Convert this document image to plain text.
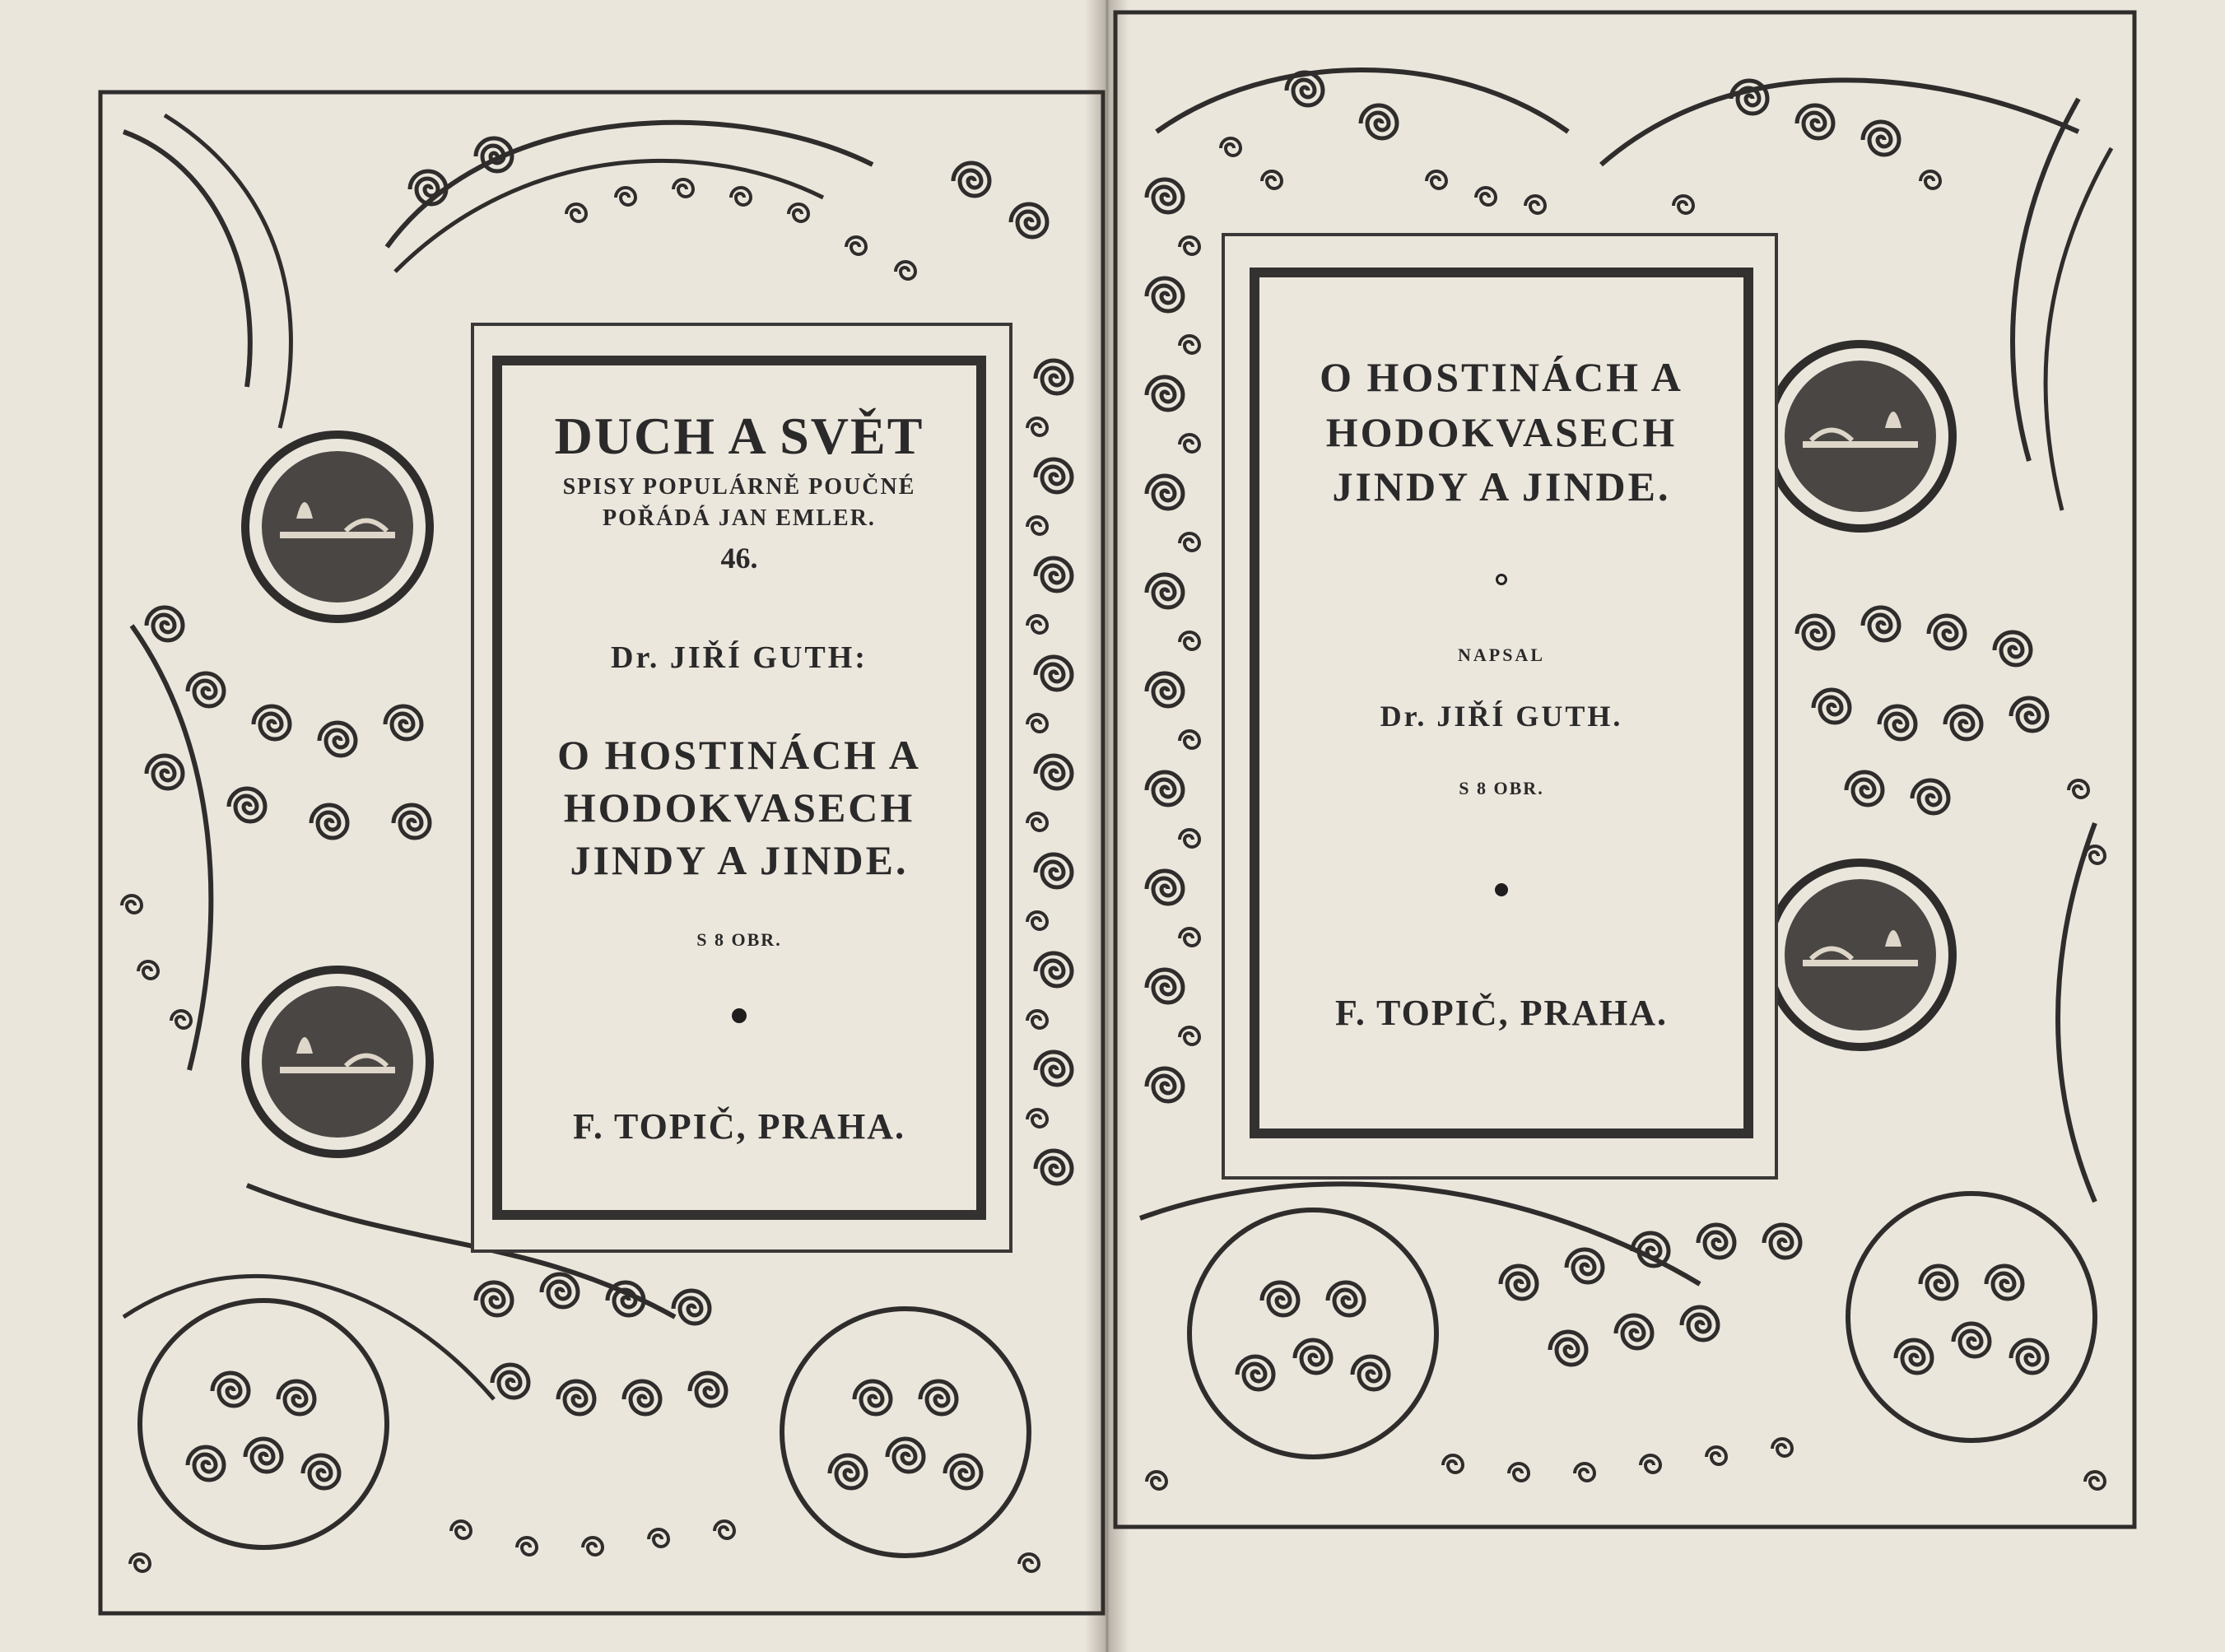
DUCH A SVĚT
SPISY POPULÁRNĚ POUČNÉ
POŘÁDÁ JAN EMLER.
46.
Dr. JIŘÍ GUTH:
O HOSTINÁCH A
HODOKVASECH
JINDY A JINDE.
S 8 OBR.
F. TOPIČ, PRAHA.
O HOSTINÁCH A
HODOKVASECH
JINDY A JINDE.
NAPSAL
Dr. JIŘÍ GUTH.
S 8 OBR.
F. TOPIČ, PRAHA.
